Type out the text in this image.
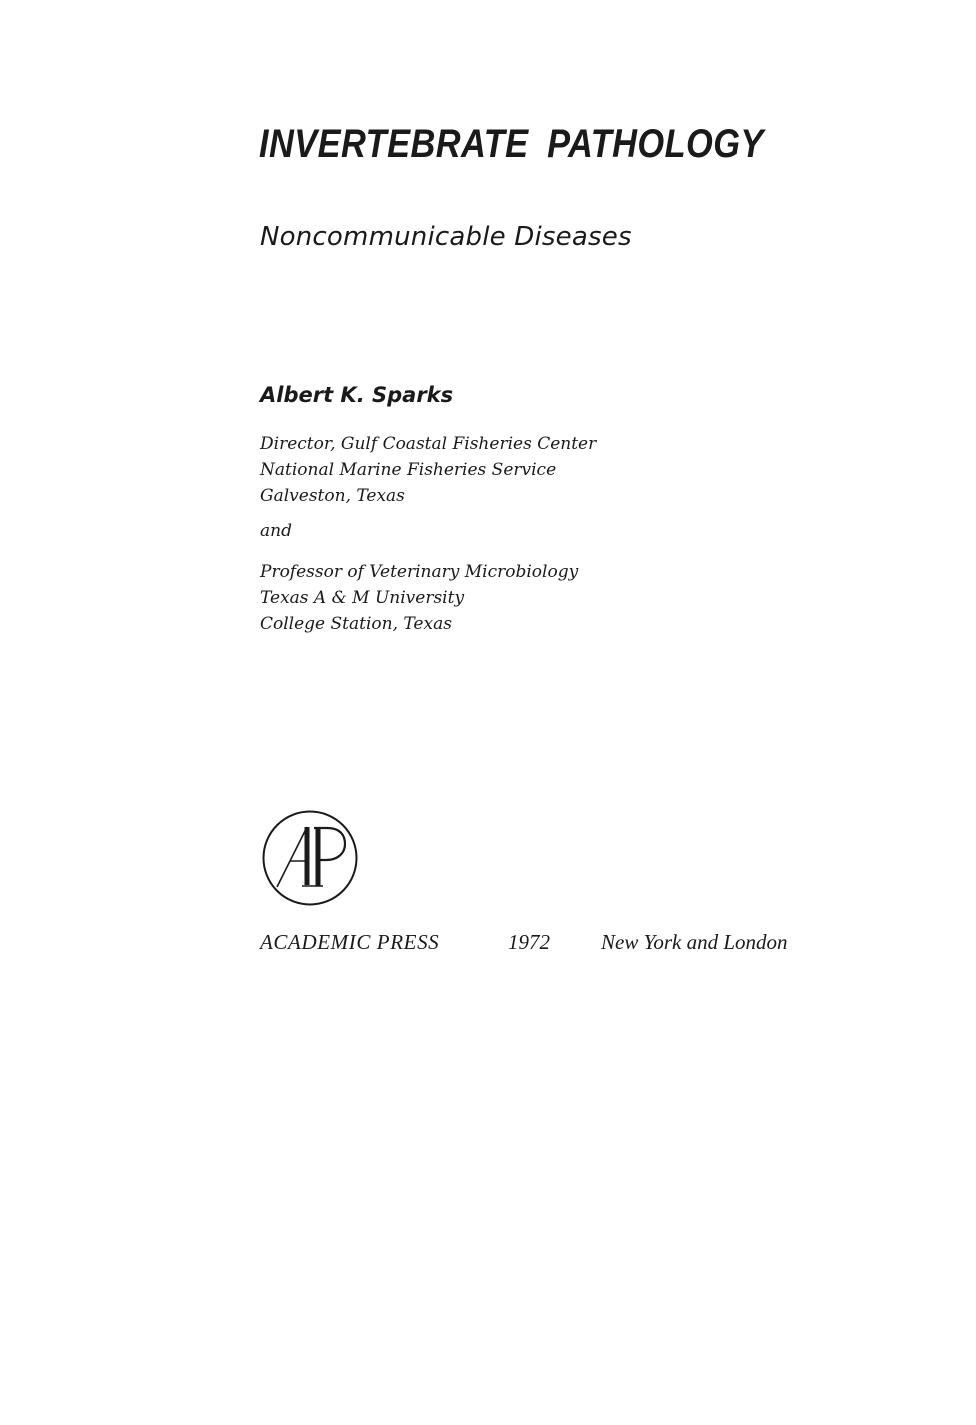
INVERTEBRATE PATHOLOGY
Noncommunicable Diseases
Albert K. Sparks
Director, Gulf Coastal Fisheries Center
National Marine Fisheries Service
Galveston, Texas
and
Professor of Veterinary Microbiology
Texas A & M University
College Station, Texas
ACADEMIC PRESS	1972 New York and London
